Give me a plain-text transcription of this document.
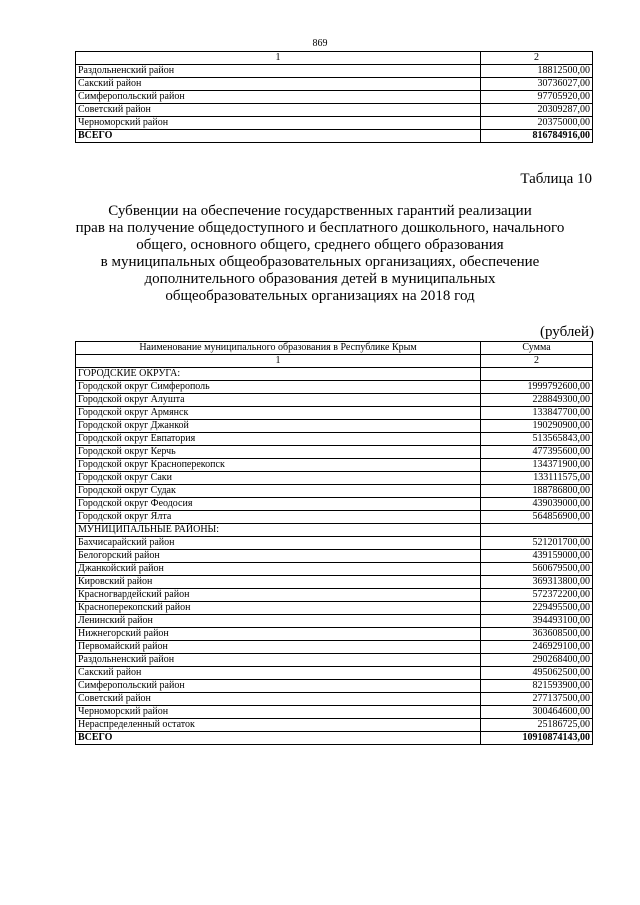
869
1	2
Раздольненский район	18812500,00
Сакский район	30736027,00
Симферопольский район	97705920,00
Советский район	20309287,00
Черноморский район	20375000,00
ВСЕГО	816784916,00
Таблица 10
Субвенции на обеспечение государственных гарантий реализации
прав на получение общедоступного и бесплатного дошкольного, начального
общего, основного общего, среднего общего образования
в муниципальных общеобразовательных организациях, обеспечение
дополнительного образования детей в муниципальных
общеобразовательных организациях на 2018 год
(рублей)
Наименование муниципального образования в Республике Крым	Сумма
1	2
ГОРОДСКИЕ ОКРУГА:	
Городской округ Симферополь	1999792600,00
Городской округ Алушта	228849300,00
Городской округ Армянск	133847700,00
Городской округ Джанкой	190290900,00
Городской округ Евпатория	513565843,00
Городской округ Керчь	477395600,00
Городской округ Красноперекопск	134371900,00
Городской округ Саки	133111575,00
Городской округ Судак	188786800,00
Городской округ Феодосия	439039000,00
Городской округ Ялта	564856900,00
МУНИЦИПАЛЬНЫЕ РАЙОНЫ:	
Бахчисарайский район	521201700,00
Белогорский район	439159000,00
Джанкойский район	560679500,00
Кировский район	369313800,00
Красногвардейский район	572372200,00
Красноперекопский район	229495500,00
Ленинский район	394493100,00
Нижнегорский район	363608500,00
Первомайский район	246929100,00
Раздольненский район	290268400,00
Сакский район	495062500,00
Симферопольский район	821593900,00
Советский район	277137500,00
Черноморский район	300464600,00
Нераспределенный остаток	25186725,00
ВСЕГО	10910874143,00
